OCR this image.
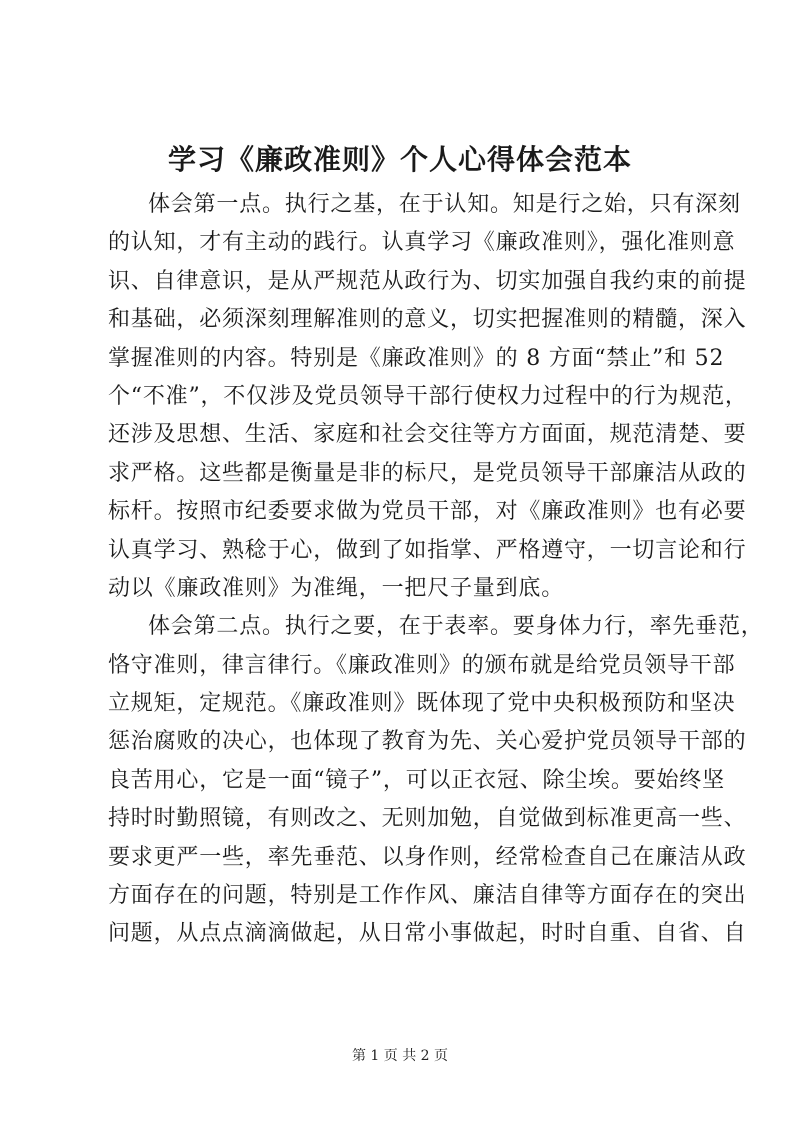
学习《廉政准则》个人心得体会范本
体会第一点。执行之基，在于认知。知是行之始，只有深刻
的认知，才有主动的践行。认真学习《廉政准则》，强化准则意
识、自律意识，是从严规范从政行为、切实加强自我约束的前提
和基础，必须深刻理解准则的意义，切实把握准则的精髓，深入
掌握准则的内容。特别是《廉政准则》的 8 方面“禁止”和 52
个“不准”，不仅涉及党员领导干部行使权力过程中的行为规范，
还涉及思想、生活、家庭和社会交往等方方面面，规范清楚、要
求严格。这些都是衡量是非的标尺，是党员领导干部廉洁从政的
标杆。按照市纪委要求做为党员干部，对《廉政准则》也有必要
认真学习、熟稔于心，做到了如指掌、严格遵守，一切言论和行
动以《廉政准则》为准绳，一把尺子量到底。
体会第二点。执行之要，在于表率。要身体力行，率先垂范，
恪守准则，律言律行。《廉政准则》的颁布就是给党员领导干部
立规矩，定规范。《廉政准则》既体现了党中央积极预防和坚决
惩治腐败的决心，也体现了教育为先、关心爱护党员领导干部的
良苦用心，它是一面“镜子”，可以正衣冠、除尘埃。要始终坚
持时时勤照镜，有则改之、无则加勉，自觉做到标准更高一些、
要求更严一些，率先垂范、以身作则，经常检查自己在廉洁从政
方面存在的问题，特别是工作作风、廉洁自律等方面存在的突出
问题，从点点滴滴做起，从日常小事做起，时时自重、自省、自
第 1 页 共 2 页
